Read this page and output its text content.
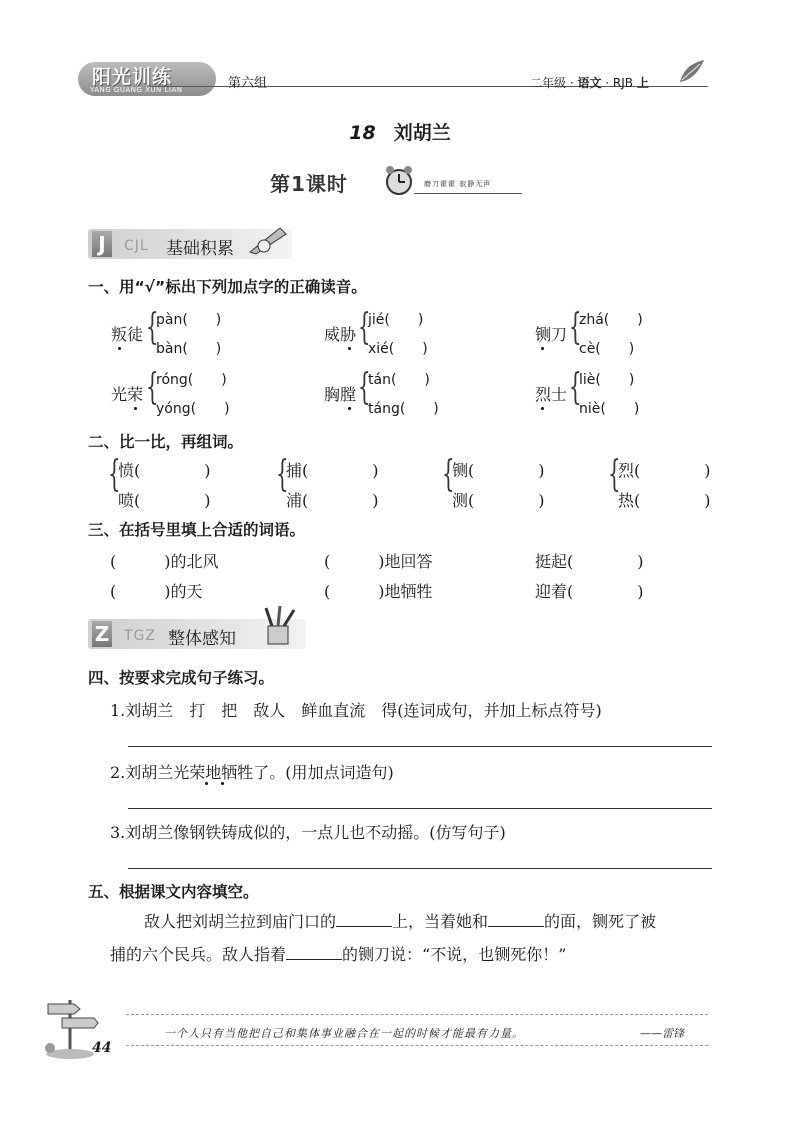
阳光训练
YANG GUANG XUN LIAN	第六组	二年级 · 语文 · RJB 上
18 刘胡兰
第1课时	磨刀霍霍 寂静无声
J	CJL 基础积累
一、用“√”标出下列加点字的正确读音。
叛徒 {
pàn(　　)
bàn(　　)
威胁 {
jié(　　)
xié(　　)
铡刀 {
zhá(　　)
cè(　　)
光荣 {
róng(　　)
yóng(　　)
胸膛 {
tán(　　)
táng(　　)
烈士 {
liè(　　)
niè(　　)
二、比一比，再组词。
{
愤(　　　　)
喷(　　　　)
{
捕(　　　　)
浦(　　　　)
{
铡(　　　　)
测(　　　　)
{
烈(　　　　)
热(　　　　)
三、在括号里填上合适的词语。
(　　　)的北风	(　　　)地回答	挺起(　　　　)
(　　　)的天	(　　　)地牺牲	迎着(　　　　)
Z TGZ 整体感知
四、按要求完成句子练习。
1.刘胡兰　打　把　敌人　鲜血直流　得(连词成句，并加上标点符号)
2.刘胡兰光荣地牺牲了。(用加点词造句)
3.刘胡兰像钢铁铸成似的，一点儿也不动摇。(仿写句子)
五、根据课文内容填空。
敌人把刘胡兰拉到庙门口的	上，当着她和	的面，铡死了被
捕的六个民兵。敌人指着	的铡刀说：“不说，也铡死你！”
一个人只有当他把自己和集体事业融合在一起的时候才能最有力量。	——雷锋
44
